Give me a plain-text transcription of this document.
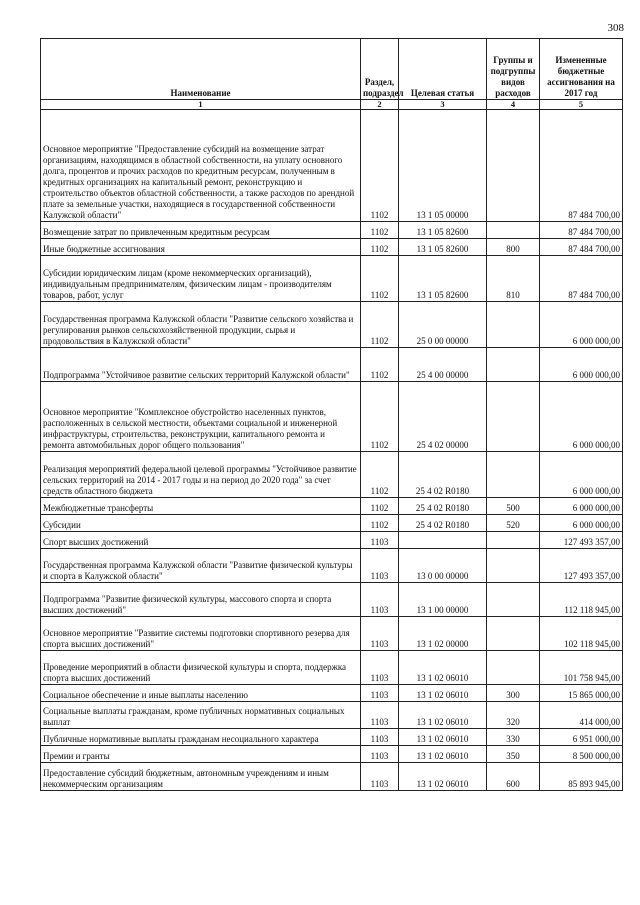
308
Наименование	Раздел, подраздел	Целевая статья	Группы и подгруппы видов расходов	Измененные бюджетные ассигнования на 2017 год
1	2	3	4	5
Основное мероприятие "Предоставление субсидий на возмещение затрат организациям, находящимся в областной собственности, на уплату основного долга, процентов и прочих расходов по кредитным ресурсам, полученным в кредитных организациях на капитальный ремонт, реконструкцию и строительство объектов областной собственности, а также расходов по арендной плате за земельные участки, находящиеся в государственной собственности Калужской области"	1102	13 1 05 00000		87 484 700,00
Возмещение затрат по привлеченным кредитным ресурсам	1102	13 1 05 82600		87 484 700,00
Иные бюджетные ассигнования	1102	13 1 05 82600	800	87 484 700,00
Субсидии юридическим лицам (кроме некоммерческих организаций), индивидуальным предпринимателям, физическим лицам - производителям товаров, работ, услуг	1102	13 1 05 82600	810	87 484 700,00
Государственная программа Калужской области "Развитие сельского хозяйства и регулирования рынков сельскохозяйственной продукции, сырья и продовольствия в Калужской области"	1102	25 0 00 00000		6 000 000,00
Подпрограмма "Устойчивое развитие сельских территорий Калужской области"	1102	25 4 00 00000		6 000 000,00
Основное мероприятие "Комплексное обустройство населенных пунктов, расположенных в сельской местности, объектами социальной и инженерной инфраструктуры, строительства, реконструкции, капитального ремонта и ремонта автомобильных дорог общего пользования"	1102	25 4 02 00000		6 000 000,00
Реализация мероприятий федеральной целевой программы "Устойчивое развитие сельских территорий на 2014 - 2017 годы и на период до 2020 года" за счет средств областного бюджета	1102	25 4 02 R0180		6 000 000,00
Межбюджетные трансферты	1102	25 4 02 R0180	500	6 000 000,00
Субсидии	1102	25 4 02 R0180	520	6 000 000,00
Спорт высших достижений	1103			127 493 357,00
Государственная программа Калужской области "Развитие физической культуры и спорта в Калужской области"	1103	13 0 00 00000		127 493 357,00
Подпрограмма "Развитие физической культуры, массового спорта и спорта высших достижений"	1103	13 1 00 00000		112 118 945,00
Основное мероприятие "Развитие системы подготовки спортивного резерва для спорта высших достижений"	1103	13 1 02 00000		102 118 945,00
Проведение мероприятий в области физической культуры и спорта, поддержка спорта высших достижений	1103	13 1 02 06010		101 758 945,00
Социальное обеспечение и иные выплаты населению	1103	13 1 02 06010	300	15 865 000,00
Социальные выплаты гражданам, кроме публичных нормативных социальных выплат	1103	13 1 02 06010	320	414 000,00
Публичные нормативные выплаты гражданам несоциального характера	1103	13 1 02 06010	330	6 951 000,00
Премии и гранты	1103	13 1 02 06010	350	8 500 000,00
Предоставление субсидий бюджетным, автономным учреждениям и иным некоммерческим организациям	1103	13 1 02 06010	600	85 893 945,00
